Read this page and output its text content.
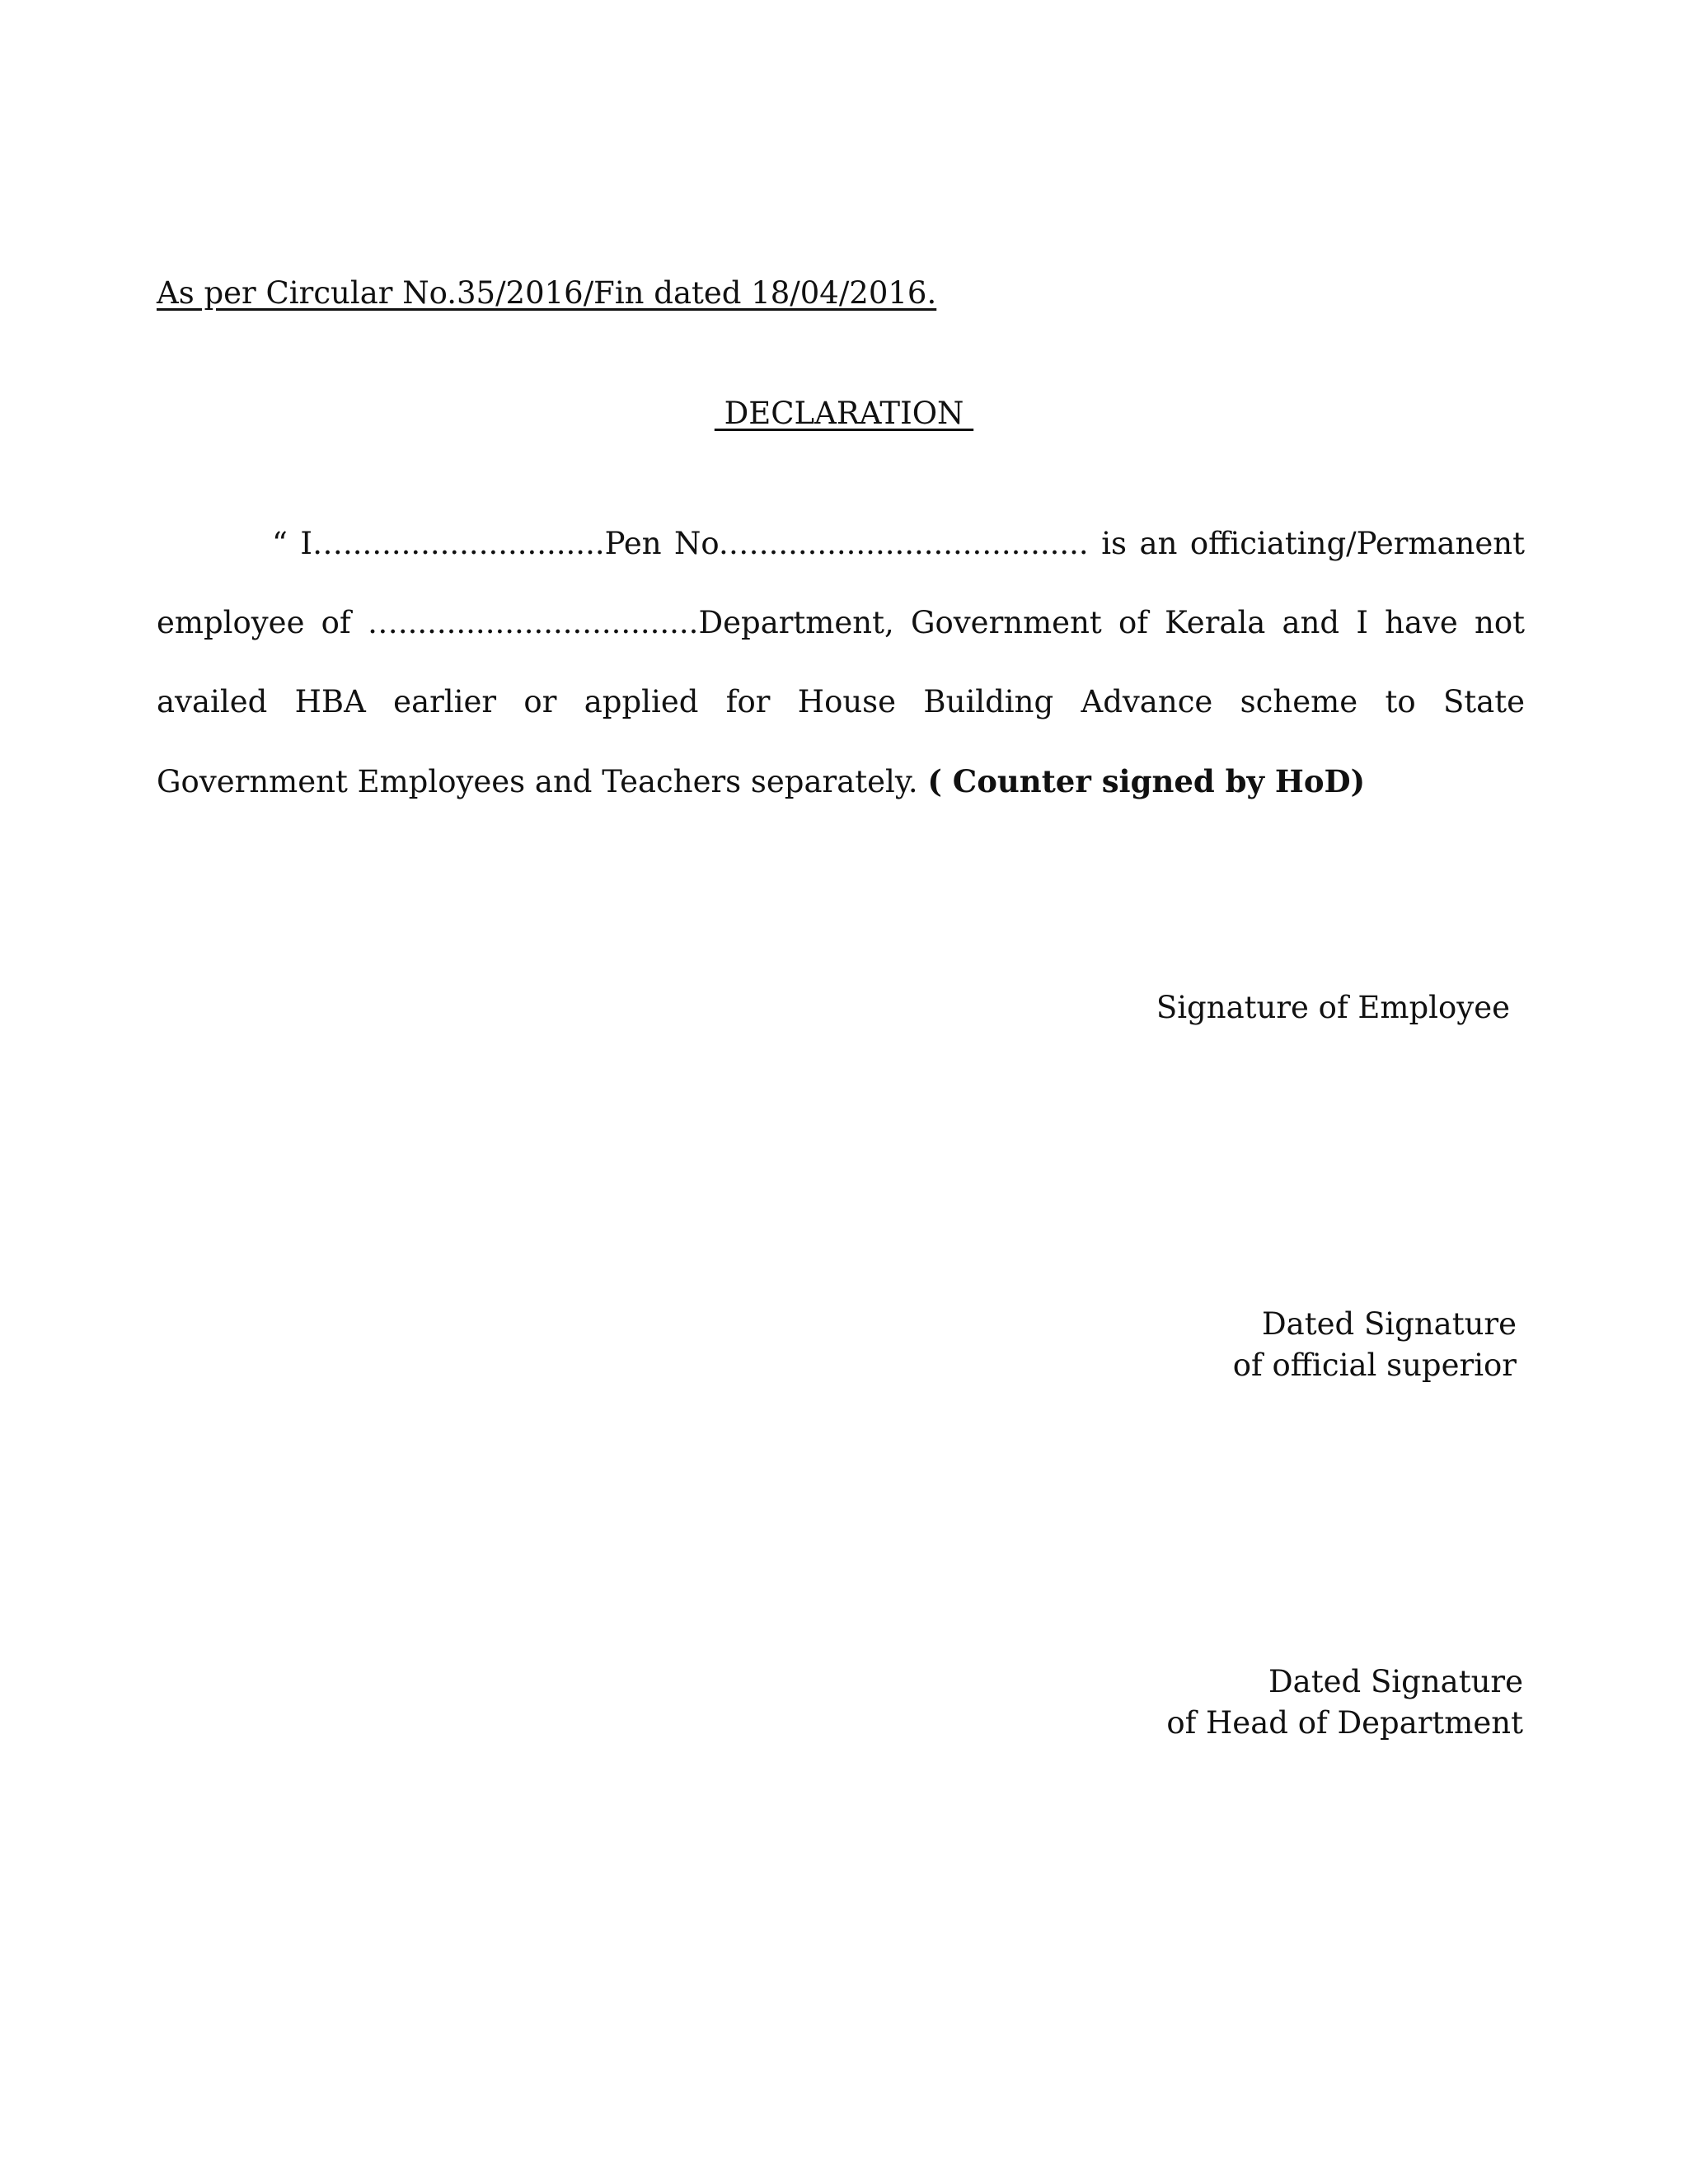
As per Circular No.35/2016/Fin dated 18/04/2016.
DECLARATION
“ I…...........................Pen No.….................................. is an officiating/Permanent employee of …...............................Department, Government of Kerala and I have not availed HBA earlier or applied for House Building Advance scheme to State Government Employees and Teachers separately. ( Counter signed by HoD)
Signature of Employee
Dated Signature
of official superior
Dated Signature
of Head of Department
